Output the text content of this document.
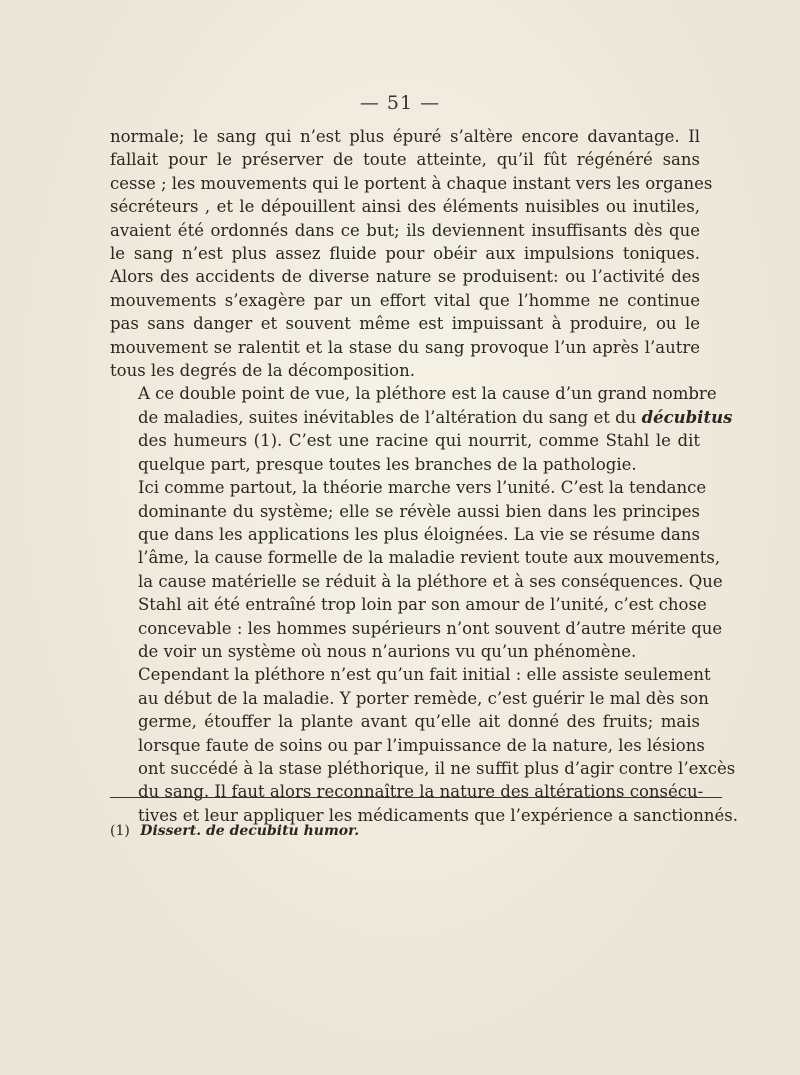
— 51 —

normale; le sang qui n’est plus épuré s’altère encore davantage. Il
fallait pour le préserver de toute atteinte, qu’il fût régénéré sans
cesse ; les mouvements qui le portent à chaque instant vers les organes
sécréteurs , et le dépouillent ainsi des éléments nuisibles ou inutiles,
avaient été ordonnés dans ce but; ils deviennent insuffisants dès que
le sang n’est plus assez fluide pour obéir aux impulsions toniques.
Alors des accidents de diverse nature se produisent: ou l’activité des
mouvements s’exagère par un effort vital que l’homme ne continue
pas sans danger et souvent même est impuissant à produire, ou le
mouvement se ralentit et la stase du sang provoque l’un après l’autre
tous les degrés de la décomposition.

A ce double point de vue, la pléthore est la cause d’un grand nombre
de maladies, suites inévitables de l’altération du sang et du décubitus
des humeurs (1). C’est une racine qui nourrit, comme Stahl le dit
quelque part, presque toutes les branches de la pathologie.

Ici comme partout, la théorie marche vers l’unité. C’est la tendance
dominante du système; elle se révèle aussi bien dans les principes
que dans les applications les plus éloignées. La vie se résume dans
l’âme, la cause formelle de la maladie revient toute aux mouvements,
la cause matérielle se réduit à la pléthore et à ses conséquences. Que
Stahl ait été entraîné trop loin par son amour de l’unité, c’est chose
concevable : les hommes supérieurs n’ont souvent d’autre mérite que
de voir un système où nous n’aurions vu qu’un phénomène.

Cependant la pléthore n’est qu’un fait initial : elle assiste seulement
au début de la maladie. Y porter remède, c’est guérir le mal dès son
germe, étouffer la plante avant qu’elle ait donné des fruits; mais
lorsque faute de soins ou par l’impuissance de la nature, les lésions
ont succédé à la stase pléthorique, il ne suffit plus d’agir contre l’excès
du sang. Il faut alors reconnaître la nature des altérations consécu-
tives et leur appliquer les médicaments que l’expérience a sanctionnés.

(1) Dissert. de decubitu humor.
